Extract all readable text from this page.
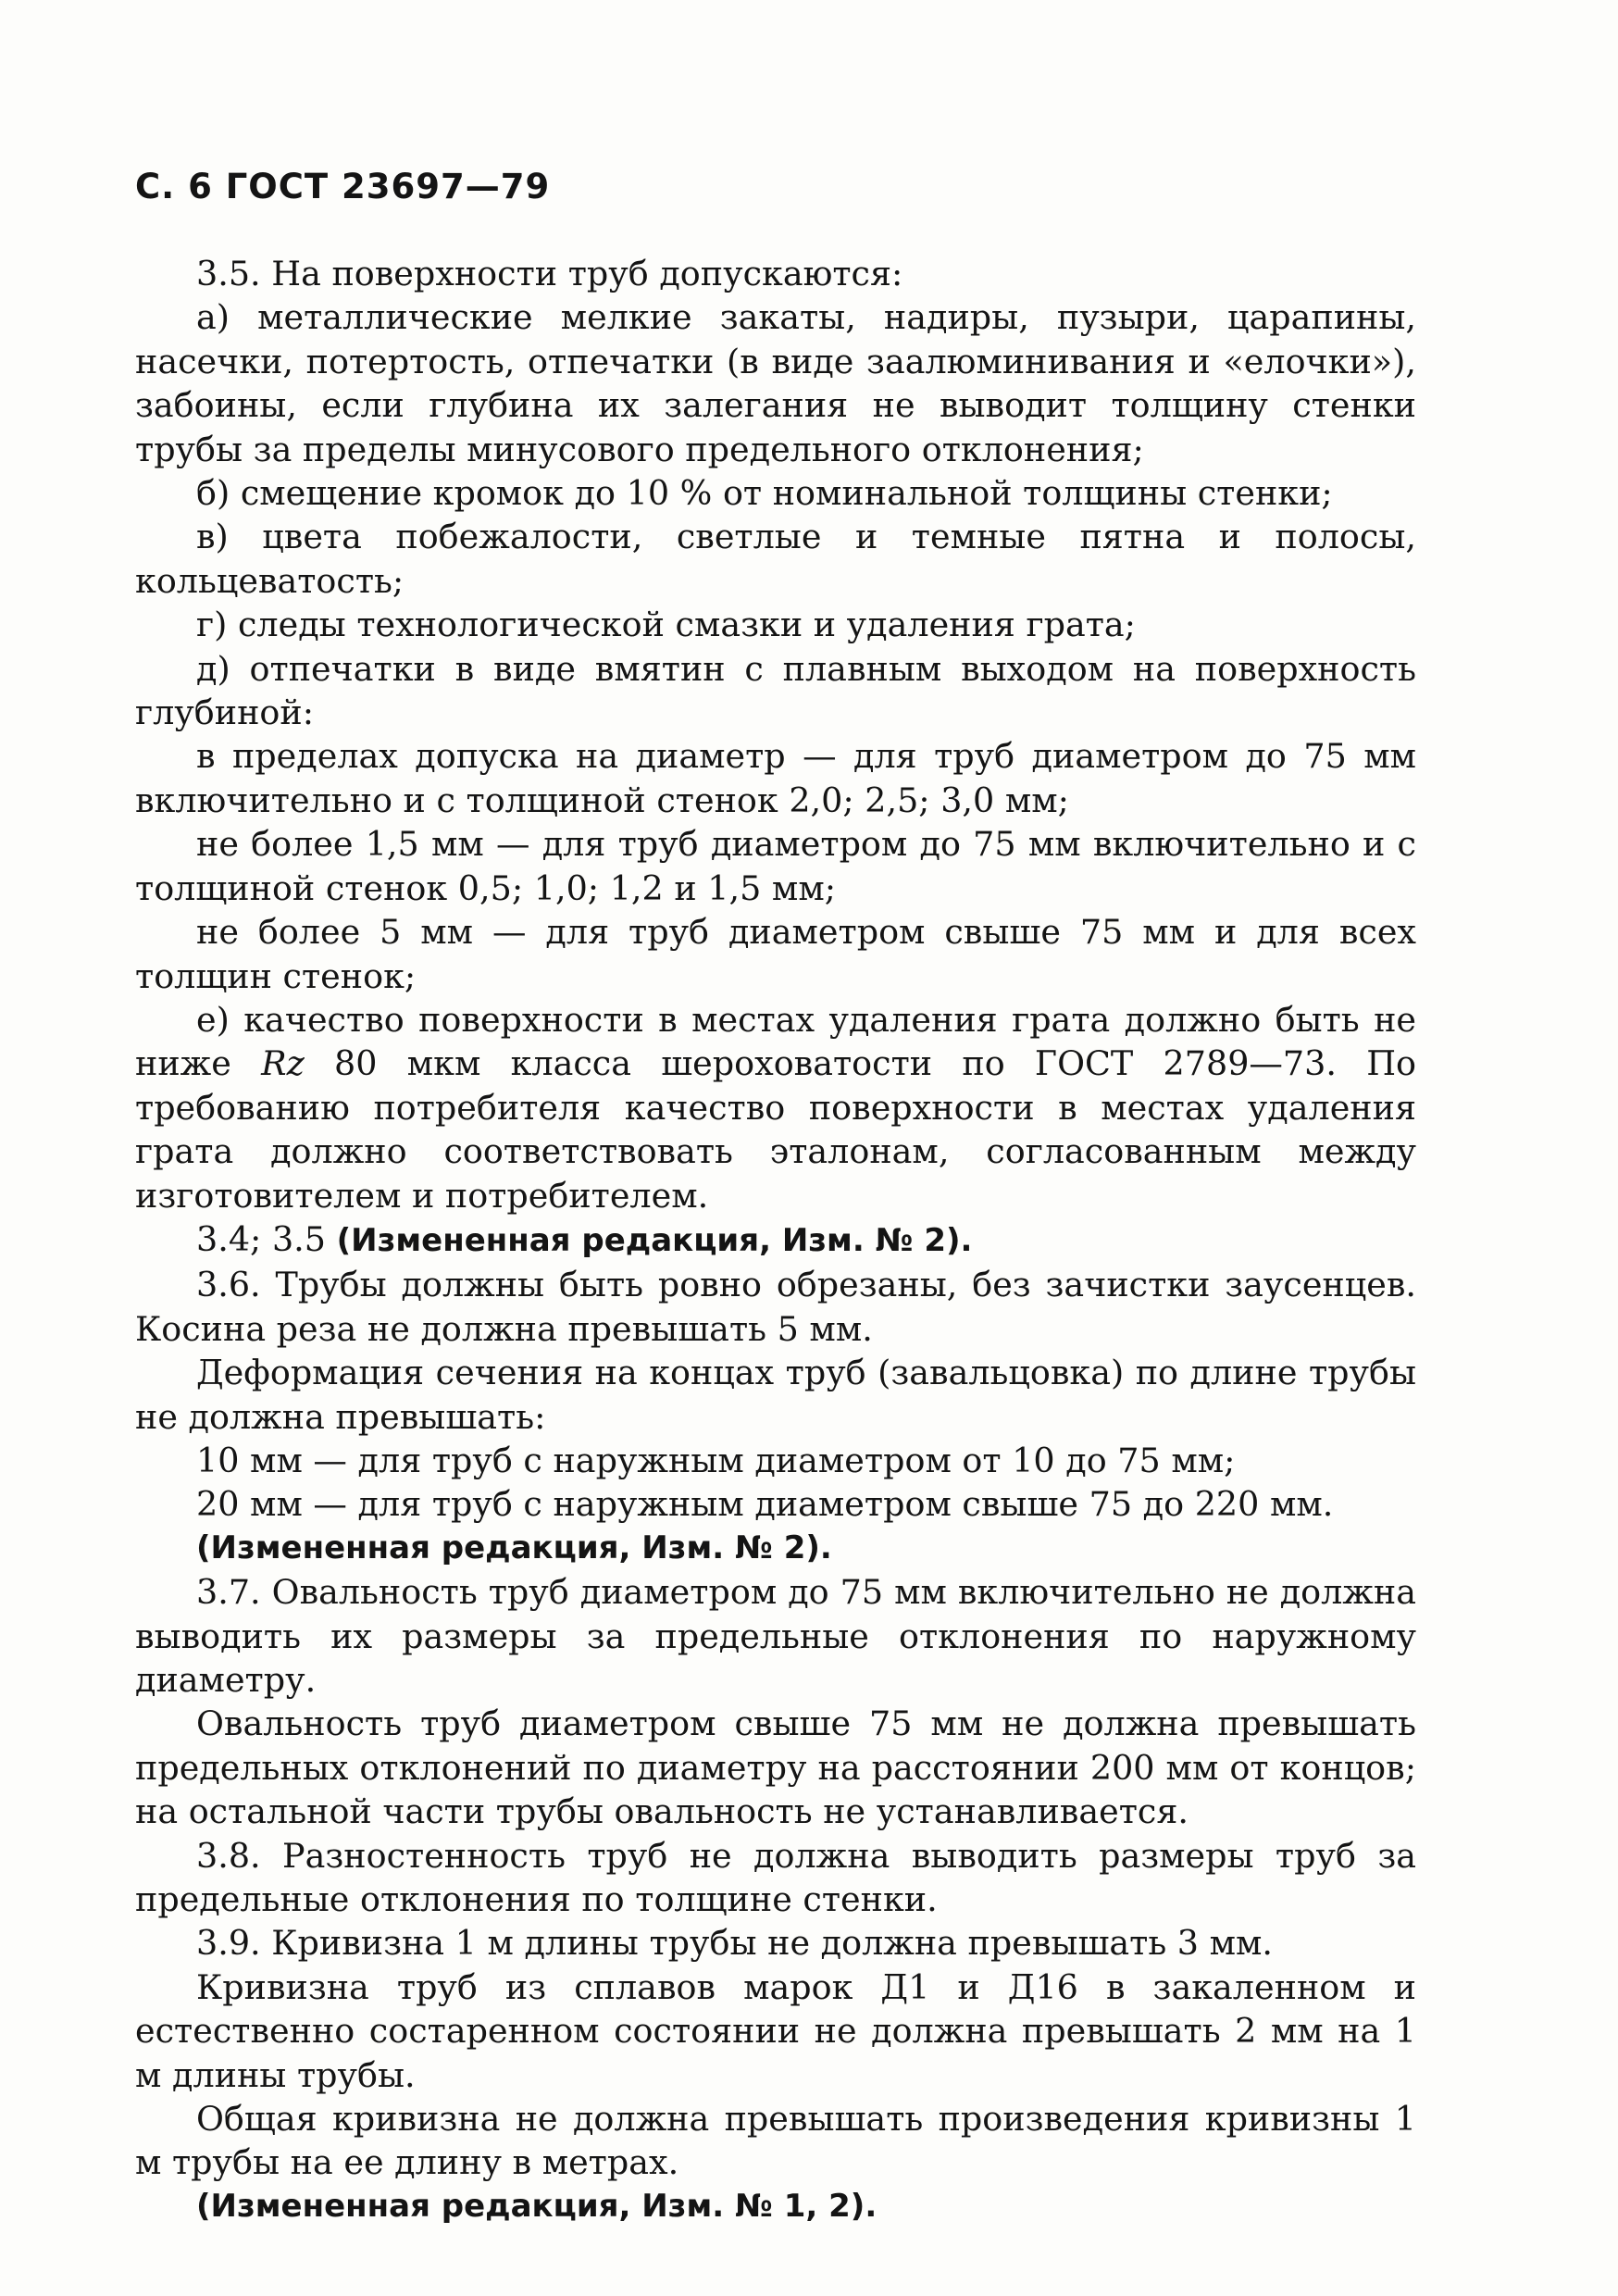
С. 6 ГОСТ 23697—79

3.5. На поверхности труб допускаются:

а) металлические мелкие закаты, надиры, пузыри, царапины, насечки, потертость, отпечатки (в виде заалюминивания и «елочки»), забоины, если глубина их залегания не выводит толщину стенки трубы за пределы минусового предельного отклонения;

б) смещение кромок до 10 % от номинальной толщины стенки;

в) цвета побежалости, светлые и темные пятна и полосы, кольцеватость;

г) следы технологической смазки и удаления грата;

д) отпечатки в виде вмятин с плавным выходом на поверхность глубиной:

в пределах допуска на диаметр — для труб диаметром до 75 мм включительно и с толщиной стенок 2,0; 2,5; 3,0 мм;

не более 1,5 мм — для труб диаметром до 75 мм включительно и с толщиной стенок 0,5; 1,0; 1,2 и 1,5 мм;

не более 5 мм — для труб диаметром свыше 75 мм и для всех толщин стенок;

е) качество поверхности в местах удаления грата должно быть не ниже Rz 80 мкм класса шероховатости по ГОСТ 2789—73. По требованию потребителя качество поверхности в местах удаления грата должно соответствовать эталонам, согласованным между изготовителем и потребителем.

3.4; 3.5 (Измененная редакция, Изм. № 2).

3.6. Трубы должны быть ровно обрезаны, без зачистки заусенцев. Косина реза не должна превышать 5 мм.

Деформация сечения на концах труб (завальцовка) по длине трубы не должна превышать:

10 мм — для труб с наружным диаметром от 10 до 75 мм;

20 мм — для труб с наружным диаметром свыше 75 до 220 мм.

(Измененная редакция, Изм. № 2).

3.7. Овальность труб диаметром до 75 мм включительно не должна выводить их размеры за предельные отклонения по наружному диаметру.

Овальность труб диаметром свыше 75 мм не должна превышать предельных отклонений по диаметру на расстоянии 200 мм от концов; на остальной части трубы овальность не устанавливается.

3.8. Разностенность труб не должна выводить размеры труб за предельные отклонения по толщине стенки.

3.9. Кривизна 1 м длины трубы не должна превышать 3 мм.

Кривизна труб из сплавов марок Д1 и Д16 в закаленном и естественно состаренном состоянии не должна превышать 2 мм на 1 м длины трубы.

Общая кривизна не должна превышать произведения кривизны 1 м трубы на ее длину в метрах.

(Измененная редакция, Изм. № 1, 2).
